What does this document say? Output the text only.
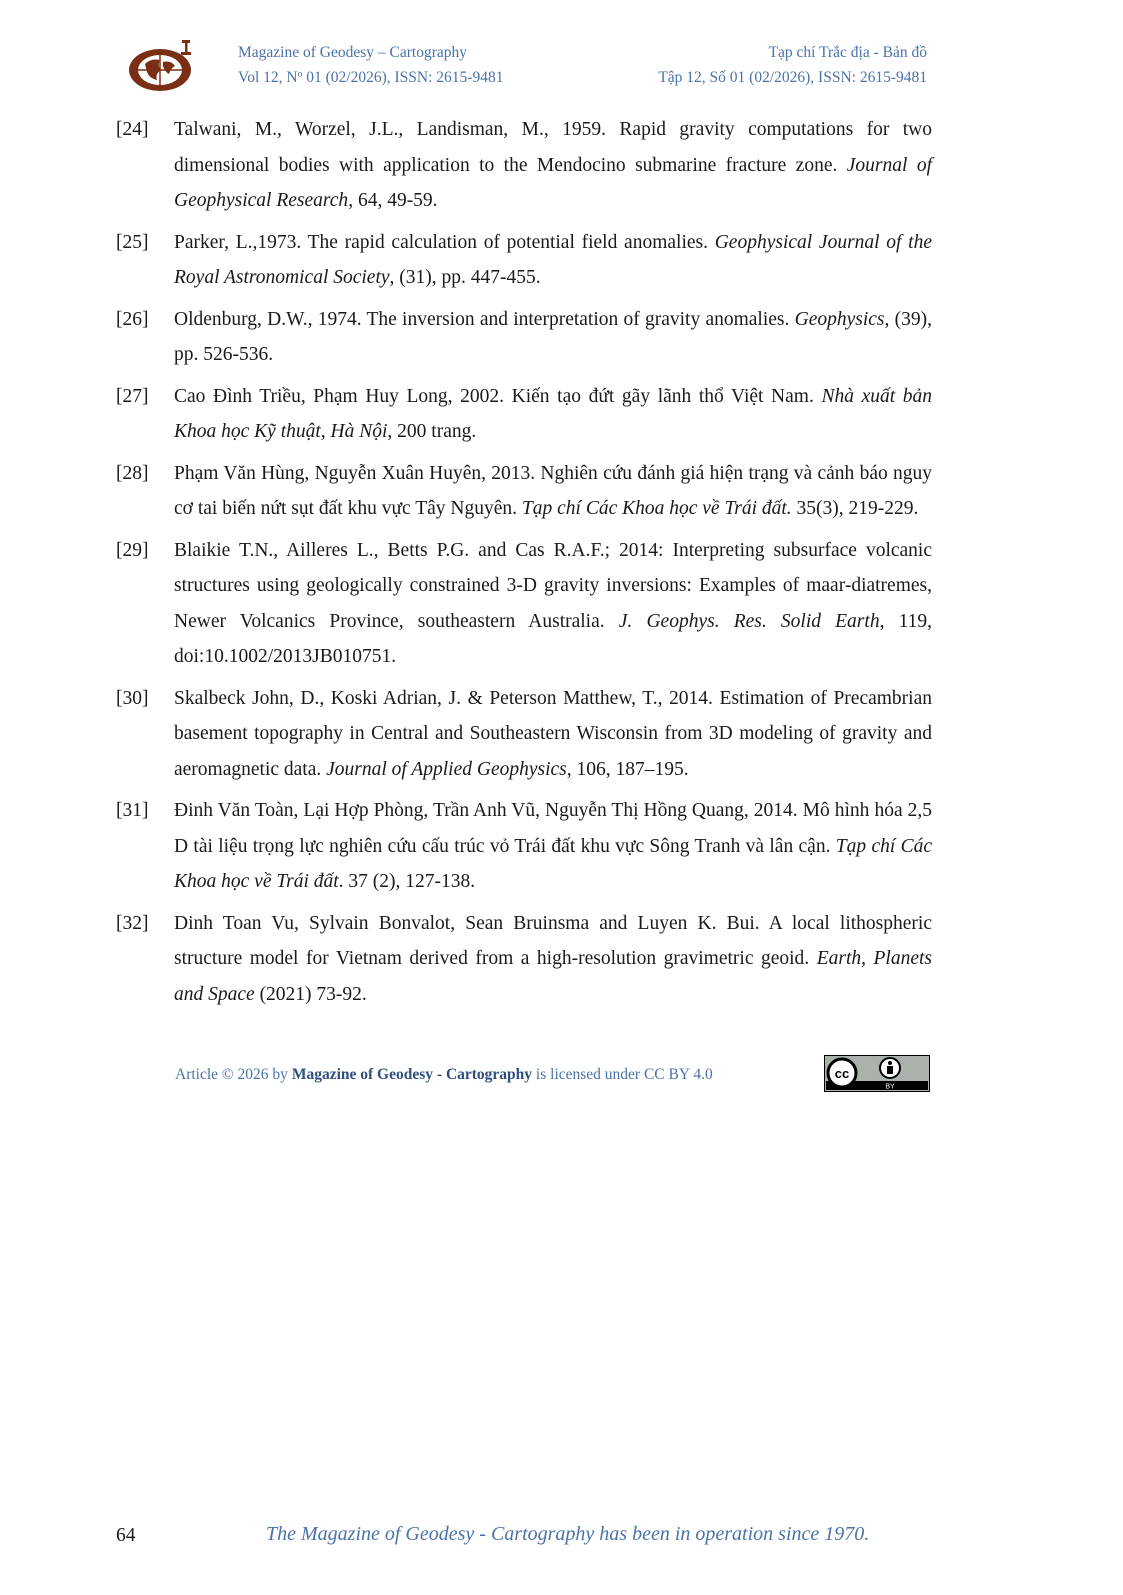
Magazine of Geodesy – Cartography
Vol 12, Nº 01 (02/2026), ISSN: 2615-9481
Tạp chí Trắc địa - Bản đồ
Tập 12, Số 01 (02/2026), ISSN: 2615-9481
[24] Talwani, M., Worzel, J.L., Landisman, M., 1959. Rapid gravity computations for two dimensional bodies with application to the Mendocino submarine fracture zone. Journal of Geophysical Research, 64, 49-59.
[25] Parker, L.,1973. The rapid calculation of potential field anomalies. Geophysical Journal of the Royal Astronomical Society, (31), pp. 447-455.
[26] Oldenburg, D.W., 1974. The inversion and interpretation of gravity anomalies. Geophysics, (39), pp. 526-536.
[27] Cao Đình Triều, Phạm Huy Long, 2002. Kiến tạo đứt gãy lãnh thổ Việt Nam. Nhà xuất bản Khoa học Kỹ thuật, Hà Nội, 200 trang.
[28] Phạm Văn Hùng, Nguyễn Xuân Huyên, 2013. Nghiên cứu đánh giá hiện trạng và cảnh báo nguy cơ tai biến nứt sụt đất khu vực Tây Nguyên. Tạp chí Các Khoa học về Trái đất. 35(3), 219-229.
[29] Blaikie T.N., Ailleres L., Betts P.G. and Cas R.A.F.; 2014: Interpreting subsurface volcanic structures using geologically constrained 3-D gravity inversions: Examples of maar-diatremes, Newer Volcanics Province, southeastern Australia. J. Geophys. Res. Solid Earth, 119, doi:10.1002/2013JB010751.
[30] Skalbeck John, D., Koski Adrian, J. & Peterson Matthew, T., 2014. Estimation of Precambrian basement topography in Central and Southeastern Wisconsin from 3D modeling of gravity and aeromagnetic data. Journal of Applied Geophysics, 106, 187–195.
[31] Đinh Văn Toàn, Lại Hợp Phòng, Trần Anh Vũ, Nguyễn Thị Hồng Quang, 2014. Mô hình hóa 2,5 D tài liệu trọng lực nghiên cứu cấu trúc vỏ Trái đất khu vực Sông Tranh và lân cận. Tạp chí Các Khoa học về Trái đất. 37 (2), 127-138.
[32] Dinh Toan Vu, Sylvain Bonvalot, Sean Bruinsma and Luyen K. Bui. A local lithospheric structure model for Vietnam derived from a high-resolution gravimetric geoid. Earth, Planets and Space (2021) 73-92.
Article © 2026 by Magazine of Geodesy - Cartography is licensed under CC BY 4.0	cc
BY
64	The Magazine of Geodesy - Cartography has been in operation since 1970.
